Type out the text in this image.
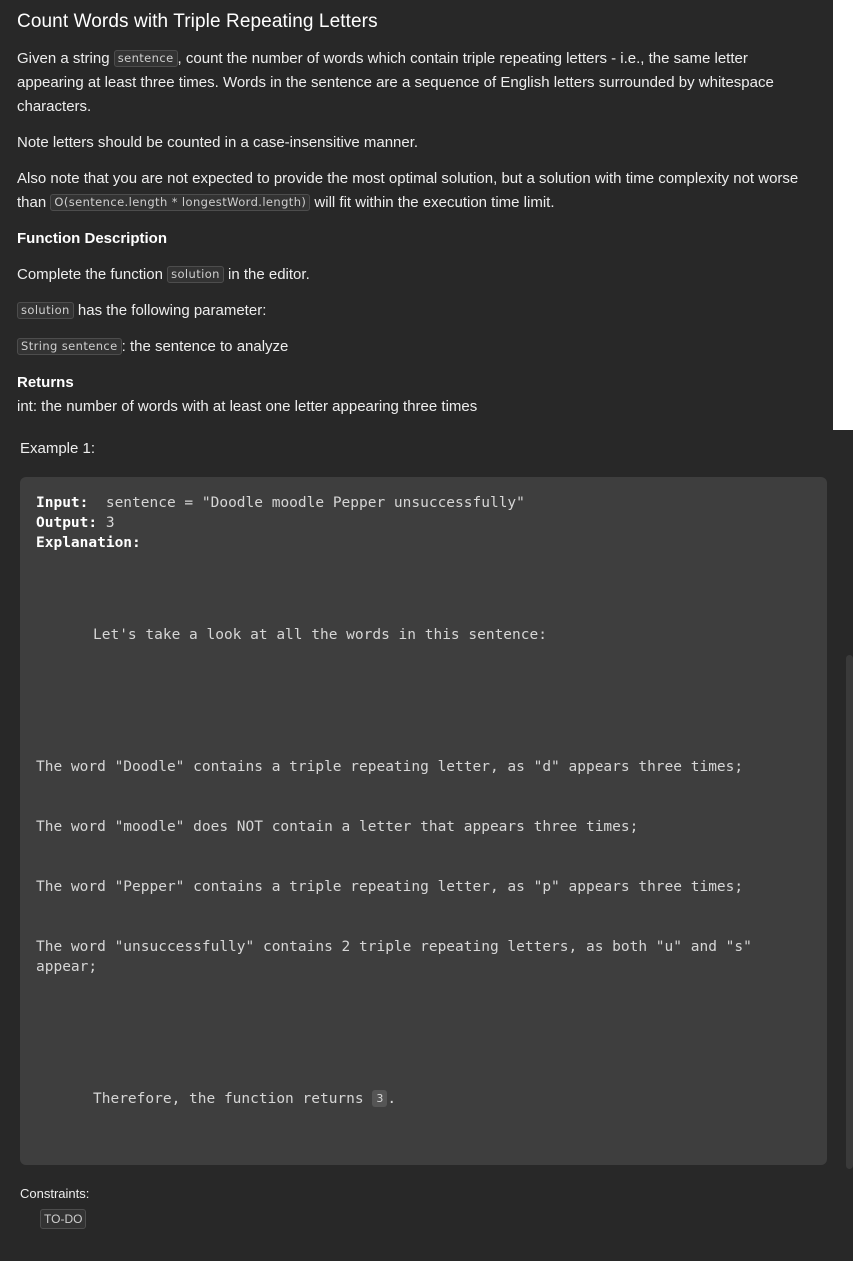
Count Words with Triple Repeating Letters

Given a string sentence , count the number of words which contain triple repeating letters - i.e., the same letter appearing at least three times. Words in the sentence are a sequence of English letters surrounded by whitespace characters.

Note letters should be counted in a case-insensitive manner.

Also note that you are not expected to provide the most optimal solution, but a solution with time complexity not worse than O(sentence.length * longestWord.length) will fit within the execution time limit.

Function Description

Complete the function solution in the editor.

solution has the following parameter:

String sentence : the sentence to analyze

Returns
int: the number of words with at least one letter appearing three times

Example 1:
Input:  sentence = "Doodle moodle Pepper unsuccessfully"
Output: 3
Explanation:
Let's take a look at all the words in this sentence:
The word "Doodle" contains a triple repeating letter, as "d" appears three times;
The word "moodle" does NOT contain a letter that appears three times;
The word "Pepper" contains a triple repeating letter, as "p" appears three times;
The word "unsuccessfully" contains 2 triple repeating letters, as both "u" and "s"
appear;
Therefore, the function returns 3 .
Constraints:
TO-DO
